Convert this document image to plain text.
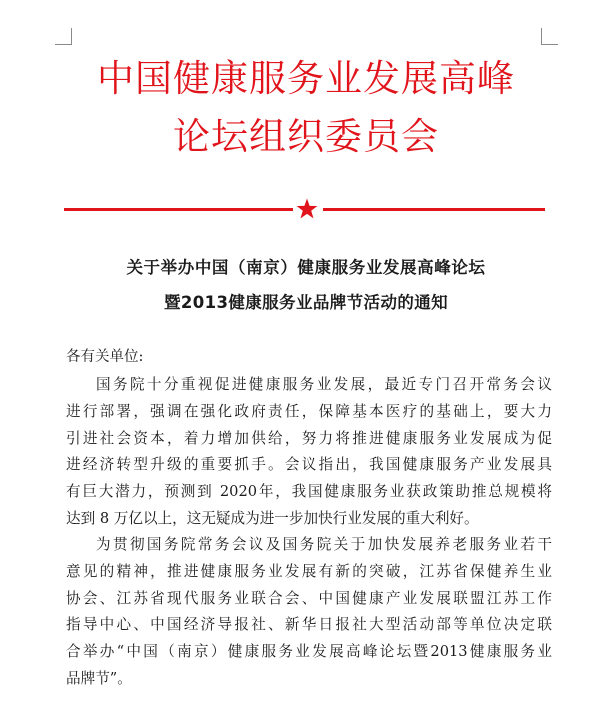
中国健康服务业发展高峰
论坛组织委员会
关于举办中国（南京）健康服务业发展高峰论坛
暨2013健康服务业品牌节活动的通知
各有关单位:
国务院十分重视促进健康服务业发展，最近专门召开常务会议
进行部署，强调在强化政府责任，保障基本医疗的基础上，要大力
引进社会资本，着力增加供给，努力将推进健康服务业发展成为促
进经济转型升级的重要抓手。会议指出，我国健康服务产业发展具
有巨大潜力，预测到 2020年，我国健康服务业获政策助推总规模将
达到 8 万亿以上，这无疑成为进一步加快行业发展的重大利好。
为贯彻国务院常务会议及国务院关于加快发展养老服务业若干
意见的精神，推进健康服务业发展有新的突破，江苏省保健养生业
协会、江苏省现代服务业联合会、中国健康产业发展联盟江苏工作
指导中心、中国经济导报社、新华日报社大型活动部等单位决定联
合举办“中国（南京）健康服务业发展高峰论坛暨2013健康服务业
品牌节”。
